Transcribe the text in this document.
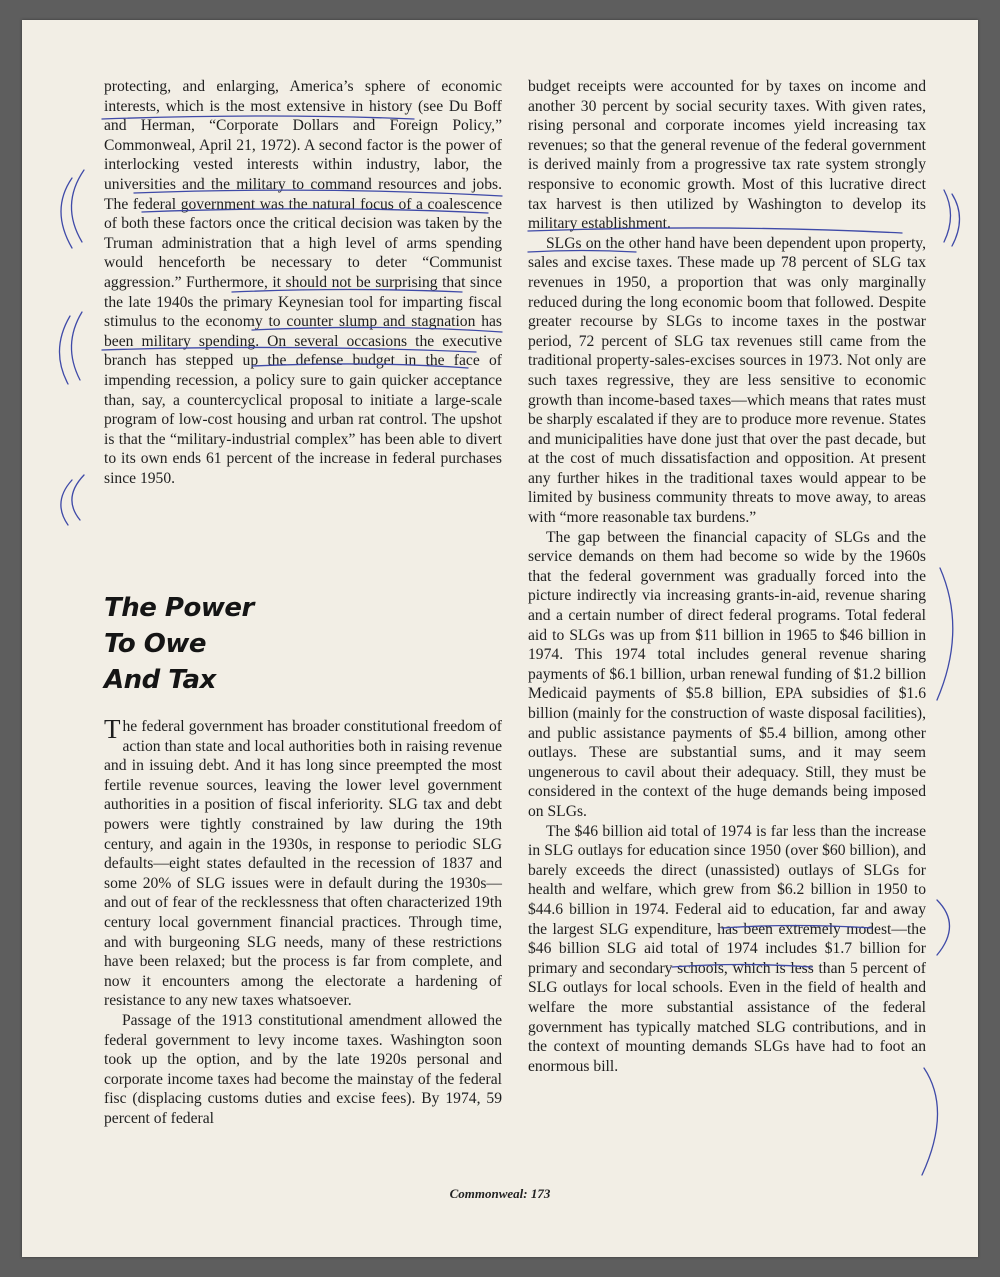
protecting, and enlarging, America’s sphere of economic interests, which is the most extensive in history (see Du Boff and Herman, “Corporate Dollars and Foreign Policy,” Commonweal, April 21, 1972). A second factor is the power of interlocking vested interests within industry, labor, the universities and the military to command resources and jobs. The federal government was the natural focus of a coalescence of both these factors once the critical decision was taken by the Truman administration that a high level of arms spending would henceforth be necessary to deter “Communist aggression.” Furthermore, it should not be surprising that since the late 1940s the primary Keynesian tool for imparting fiscal stimulus to the economy to counter slump and stagnation has been military spending. On several occasions the executive branch has stepped up the defense budget in the face of impending recession, a policy sure to gain quicker acceptance than, say, a countercyclical proposal to initiate a large-scale program of low-cost housing and urban rat control. The upshot is that the “military-industrial complex” has been able to divert to its own ends 61 percent of the increase in federal purchases since 1950.

The Power
To Owe
And Tax

The federal government has broader constitutional freedom of action than state and local authorities both in raising revenue and in issuing debt. And it has long since preempted the most fertile revenue sources, leaving the lower level government authorities in a position of fiscal inferiority. SLG tax and debt powers were tightly constrained by law during the 19th century, and again in the 1930s, in response to periodic SLG defaults—eight states defaulted in the recession of 1837 and some 20% of SLG issues were in default during the 1930s—and out of fear of the recklessness that often characterized 19th century local government financial practices. Through time, and with burgeoning SLG needs, many of these restrictions have been relaxed; but the process is far from complete, and now it encounters among the electorate a hardening of resistance to any new taxes whatsoever.

Passage of the 1913 constitutional amendment allowed the federal government to levy income taxes. Washington soon took up the option, and by the late 1920s personal and corporate income taxes had become the mainstay of the federal fisc (displacing customs duties and excise fees). By 1974, 59 percent of federal

budget receipts were accounted for by taxes on income and another 30 percent by social security taxes. With given rates, rising personal and corporate incomes yield increasing tax revenues; so that the general revenue of the federal government is derived mainly from a progressive tax rate system strongly responsive to economic growth. Most of this lucrative direct tax harvest is then utilized by Washington to develop its military establishment.

SLGs on the other hand have been dependent upon property, sales and excise taxes. These made up 78 percent of SLG tax revenues in 1950, a proportion that was only marginally reduced during the long economic boom that followed. Despite greater recourse by SLGs to income taxes in the postwar period, 72 percent of SLG tax revenues still came from the traditional property-sales-excises sources in 1973. Not only are such taxes regressive, they are less sensitive to economic growth than income-based taxes—which means that rates must be sharply escalated if they are to produce more revenue. States and municipalities have done just that over the past decade, but at the cost of much dissatisfaction and opposition. At present any further hikes in the traditional taxes would appear to be limited by business community threats to move away, to areas with “more reasonable tax burdens.”

The gap between the financial capacity of SLGs and the service demands on them had become so wide by the 1960s that the federal government was gradually forced into the picture indirectly via increasing grants-in-aid, revenue sharing and a certain number of direct federal programs. Total federal aid to SLGs was up from $11 billion in 1965 to $46 billion in 1974. This 1974 total includes general revenue sharing payments of $6.1 billion, urban renewal funding of $1.2 billion Medicaid payments of $5.8 billion, EPA subsidies of $1.6 billion (mainly for the construction of waste disposal facilities), and public assistance payments of $5.4 billion, among other outlays. These are substantial sums, and it may seem ungenerous to cavil about their adequacy. Still, they must be considered in the context of the huge demands being imposed on SLGs.

The $46 billion aid total of 1974 is far less than the increase in SLG outlays for education since 1950 (over $60 billion), and barely exceeds the direct (unassisted) outlays of SLGs for health and welfare, which grew from $6.2 billion in 1950 to $44.6 billion in 1974. Federal aid to education, far and away the largest SLG expenditure, has been extremely modest—the $46 billion SLG aid total of 1974 includes $1.7 billion for primary and secondary schools, which is less than 5 percent of SLG outlays for local schools. Even in the field of health and welfare the more substantial assistance of the federal government has typically matched SLG contributions, and in the context of mounting demands SLGs have had to foot an enormous bill.

Commonweal: 173
